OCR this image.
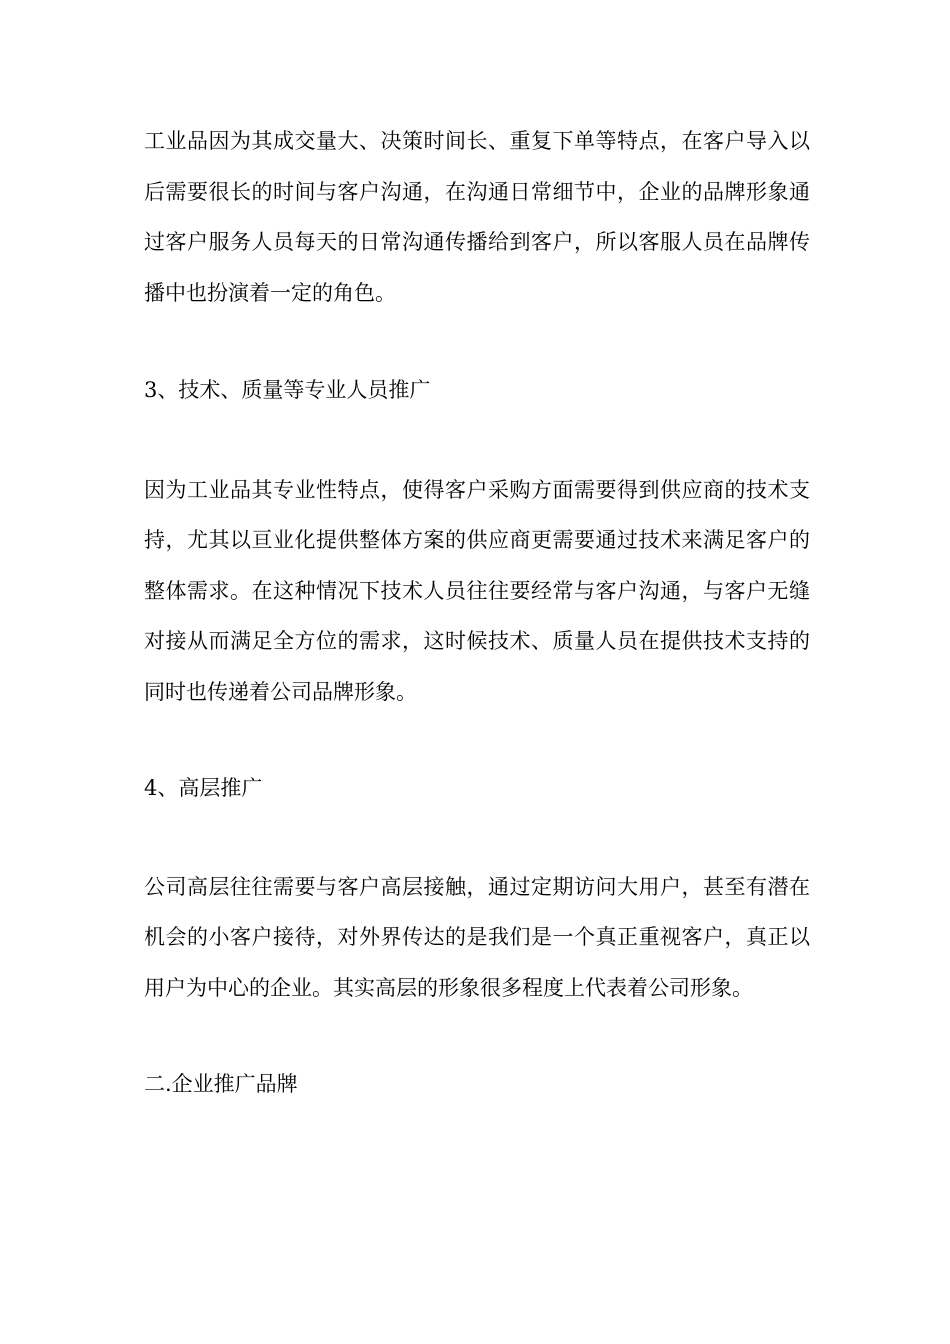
工业品因为其成交量大、决策时间长、重复下单等特点，在客户导入以后需要很长的时间与客户沟通，在沟通日常细节中，企业的品牌形象通过客户服务人员每天的日常沟通传播给到客户，所以客服人员在品牌传播中也扮演着一定的角色。

3、技术、质量等专业人员推广

因为工业品其专业性特点，使得客户采购方面需要得到供应商的技术支持，尤其以亘业化提供整体方案的供应商更需要通过技术来满足客户的整体需求。在这种情况下技术人员往往要经常与客户沟通，与客户无缝对接从而满足全方位的需求，这时候技术、质量人员在提供技术支持的同时也传递着公司品牌形象。

4、高层推广

公司高层往往需要与客户高层接触，通过定期访问大用户，甚至有潜在机会的小客户接待，对外界传达的是我们是一个真正重视客户，真正以用户为中心的企业。其实高层的形象很多程度上代表着公司形象。

二.企业推广品牌
